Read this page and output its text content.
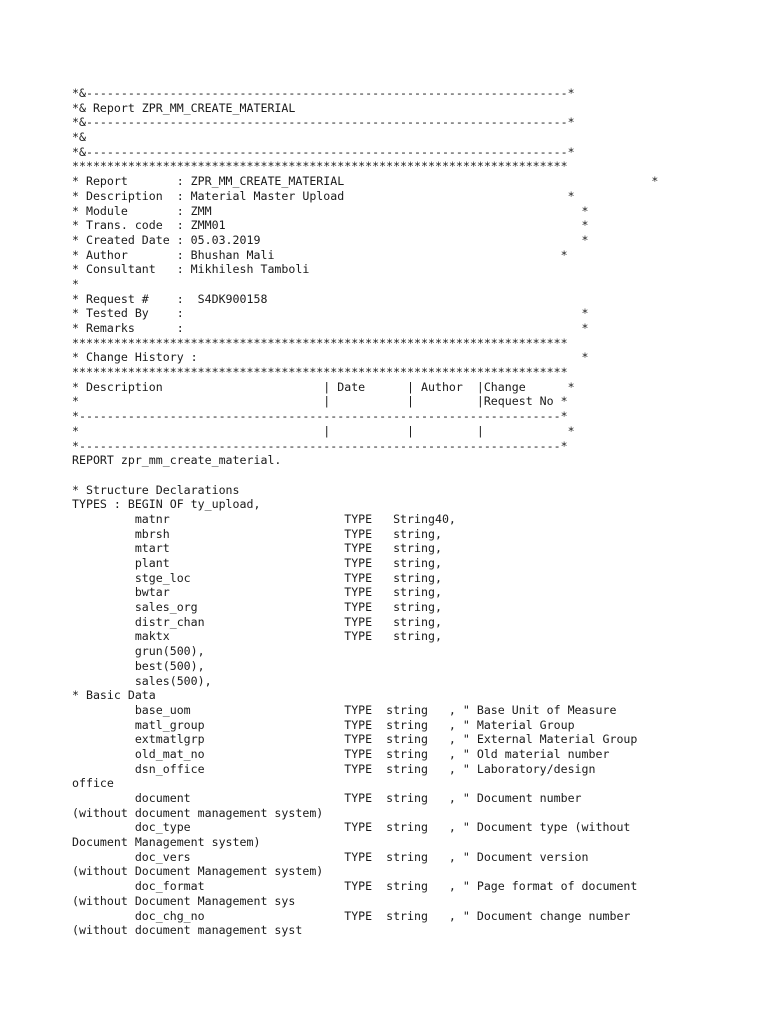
*&---------------------------------------------------------------------*
*& Report ZPR_MM_CREATE_MATERIAL
*&---------------------------------------------------------------------*
*&
*&---------------------------------------------------------------------*
***********************************************************************
* Report       : ZPR_MM_CREATE_MATERIAL                                            *
* Description  : Material Master Upload                                *
* Module       : ZMM                                                     *
* Trans. code  : ZMM01                                                   *
* Created Date : 05.03.2019                                              *
* Author       : Bhushan Mali                                         *
* Consultant   : Mikhilesh Tamboli
*
* Request #    :  S4DK900158
* Tested By    :                                                         *
* Remarks      :                                                         *
***********************************************************************
* Change History :                                                       *
***********************************************************************
* Description                       | Date      | Author  |Change      *
*                                   |           |         |Request No *
*---------------------------------------------------------------------*
*                                   |           |         |            *
*---------------------------------------------------------------------*
REPORT zpr_mm_create_material.
* Structure Declarations
TYPES : BEGIN OF ty_upload,
matnr                         TYPE   String40,
mbrsh                         TYPE   string,
mtart                         TYPE   string,
plant                         TYPE   string,
stge_loc                      TYPE   string,
bwtar                         TYPE   string,
sales_org                     TYPE   string,
distr_chan                    TYPE   string,
maktx                         TYPE   string,
grun(500),
best(500),
sales(500),
* Basic Data
base_uom                      TYPE  string   , " Base Unit of Measure
matl_group                    TYPE  string   , " Material Group
extmatlgrp                    TYPE  string   , " External Material Group
old_mat_no                    TYPE  string   , " Old material number
dsn_office                    TYPE  string   , " Laboratory/design
office
document                      TYPE  string   , " Document number
(without document management system)
doc_type                      TYPE  string   , " Document type (without
Document Management system)
doc_vers                      TYPE  string   , " Document version
(without Document Management system)
doc_format                    TYPE  string   , " Page format of document
(without Document Management sys
doc_chg_no                    TYPE  string   , " Document change number
(without document management syst
